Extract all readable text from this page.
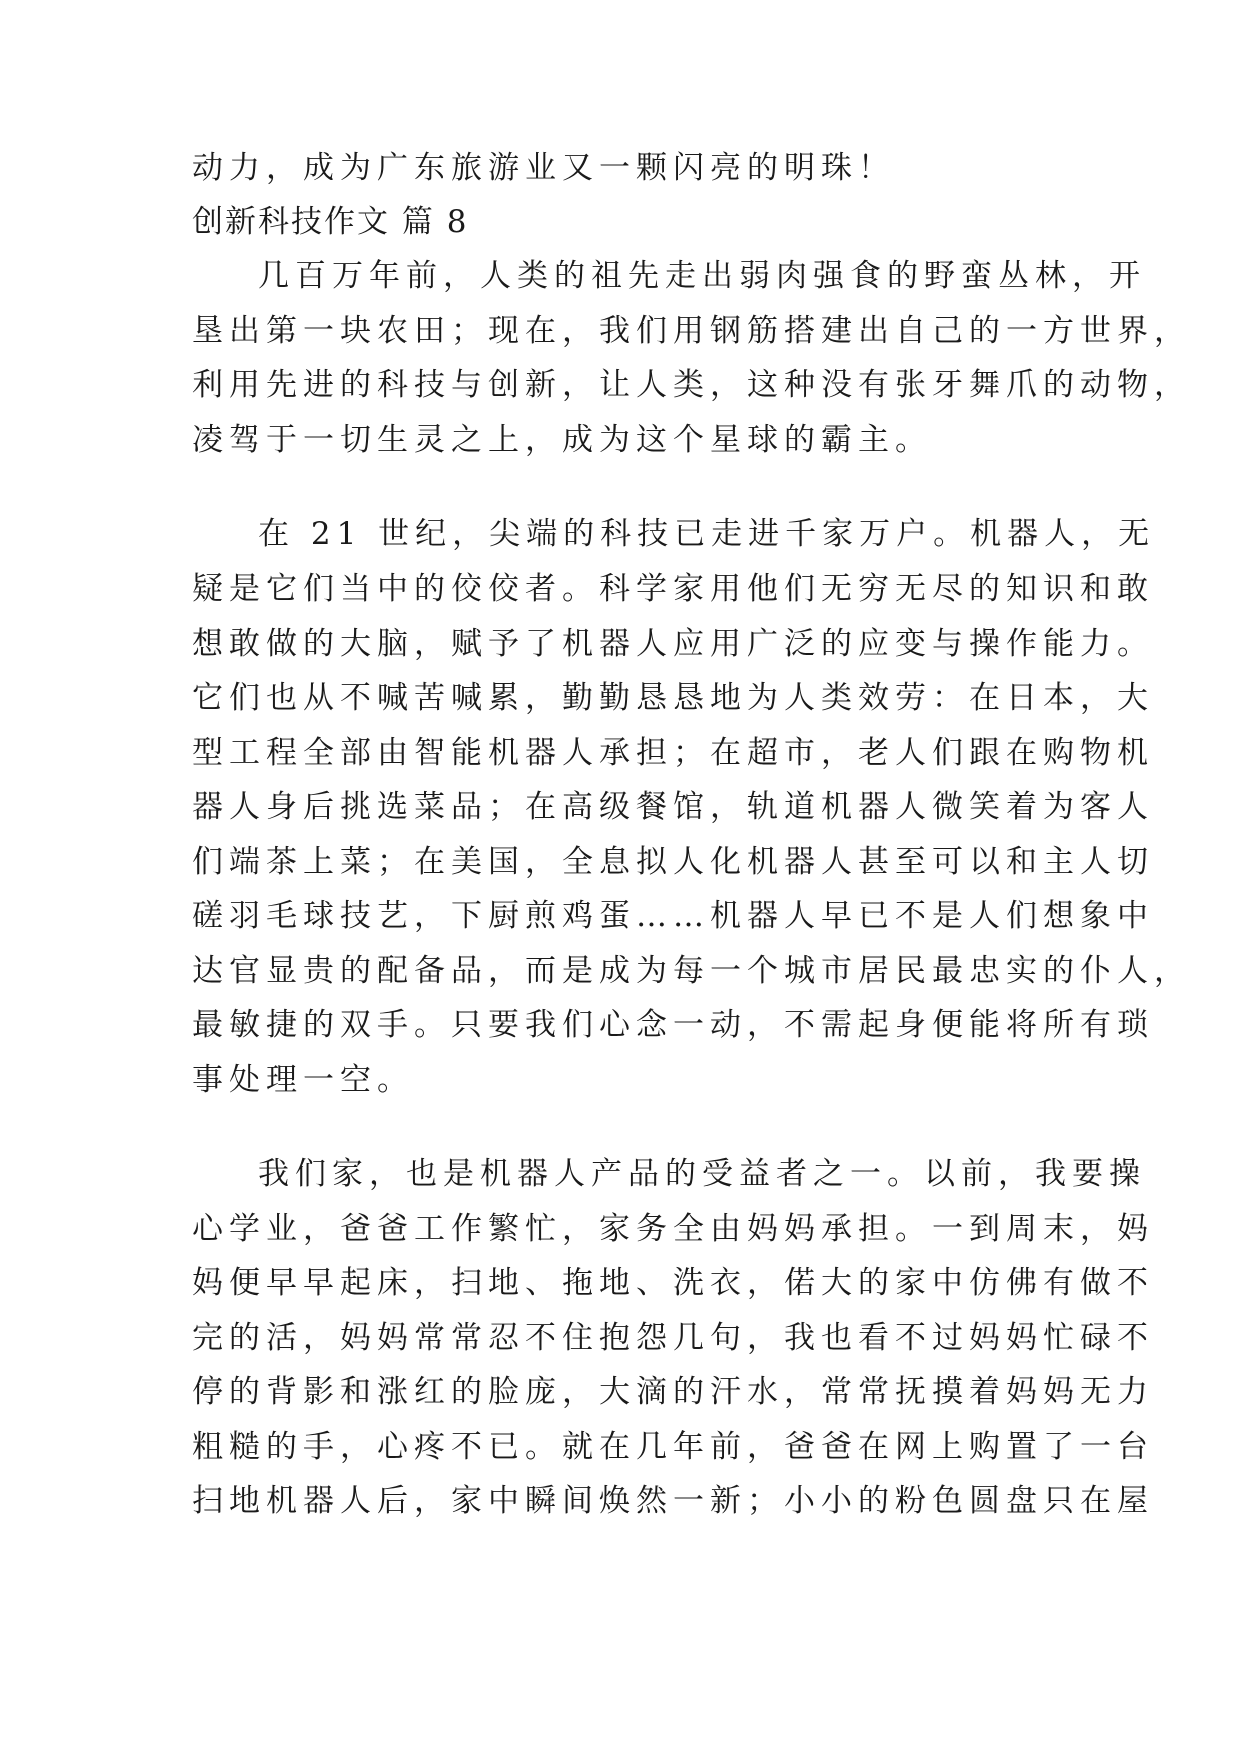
动力，成为广东旅游业又一颗闪亮的明珠！
创新科技作文 篇 8
几百万年前，人类的祖先走出弱肉强食的野蛮丛林，开
垦出第一块农田；现在，我们用钢筋搭建出自己的一方世界，
利用先进的科技与创新，让人类，这种没有张牙舞爪的动物，
凌驾于一切生灵之上，成为这个星球的霸主。
在 21 世纪，尖端的科技已走进千家万户。机器人，无
疑是它们当中的佼佼者。科学家用他们无穷无尽的知识和敢
想敢做的大脑，赋予了机器人应用广泛的应变与操作能力。
它们也从不喊苦喊累，勤勤恳恳地为人类效劳：在日本，大
型工程全部由智能机器人承担；在超市，老人们跟在购物机
器人身后挑选菜品；在高级餐馆，轨道机器人微笑着为客人
们端茶上菜；在美国，全息拟人化机器人甚至可以和主人切
磋羽毛球技艺，下厨煎鸡蛋……机器人早已不是人们想象中
达官显贵的配备品，而是成为每一个城市居民最忠实的仆人，
最敏捷的双手。只要我们心念一动，不需起身便能将所有琐
事处理一空。
我们家，也是机器人产品的受益者之一。以前，我要操
心学业，爸爸工作繁忙，家务全由妈妈承担。一到周末，妈
妈便早早起床，扫地、拖地、洗衣，偌大的家中仿佛有做不
完的活，妈妈常常忍不住抱怨几句，我也看不过妈妈忙碌不
停的背影和涨红的脸庞，大滴的汗水，常常抚摸着妈妈无力
粗糙的手，心疼不已。就在几年前，爸爸在网上购置了一台
扫地机器人后，家中瞬间焕然一新；小小的粉色圆盘只在屋
